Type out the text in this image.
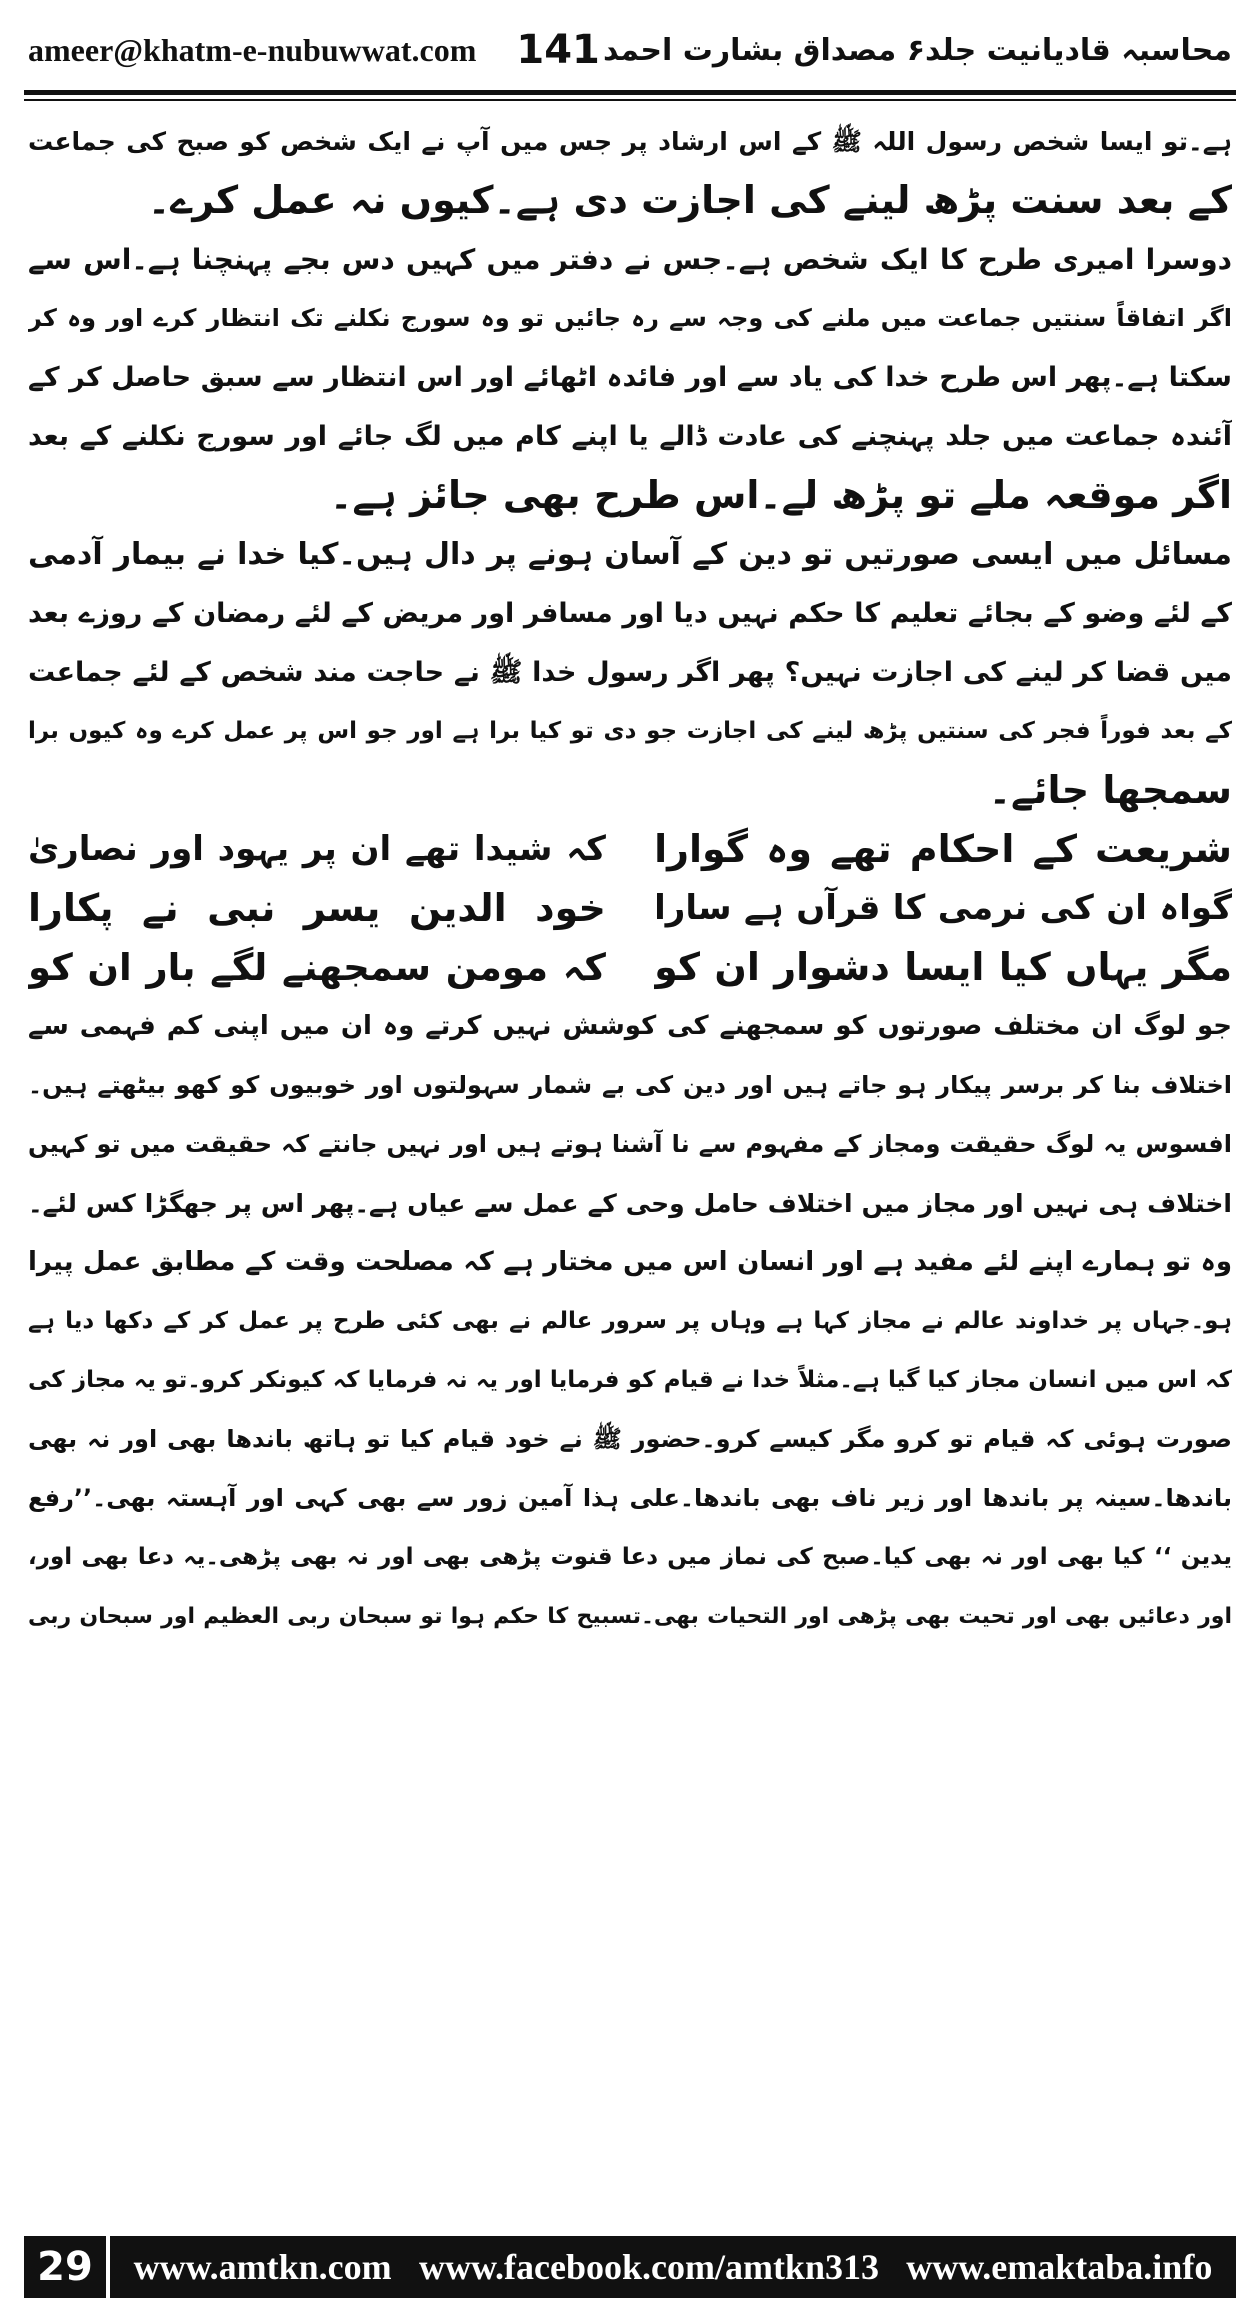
ameer@khatm-e-nubuwwat.com 141 محاسبہ قادیانیت جلد۶ مصداق بشارت احمد
ہے۔تو ایسا شخص رسول اللہ ﷺ کے اس ارشاد پر جس میں آپ نے ایک شخص کو صبح کی جماعت
کے بعد سنت پڑھ لینے کی اجازت دی ہے۔کیوں نہ عمل کرے۔
دوسرا امیری طرح کا ایک شخص ہے۔جس نے دفتر میں کہیں دس بجے پہنچنا ہے۔اس سے
اگر اتفاقاً سنتیں جماعت میں ملنے کی وجہ سے رہ جائیں تو وہ سورج نکلنے تک انتظار کرے اور وہ کر
سکتا ہے۔پھر اس طرح خدا کی یاد سے اور فائدہ اٹھائے اور اس انتظار سے سبق حاصل کر کے
آئندہ جماعت میں جلد پہنچنے کی عادت ڈالے یا اپنے کام میں لگ جائے اور سورج نکلنے کے بعد
اگر موقعہ ملے تو پڑھ لے۔اس طرح بھی جائز ہے۔
مسائل میں ایسی صورتیں تو دین کے آسان ہونے پر دال ہیں۔کیا خدا نے بیمار آدمی
کے لئے وضو کے بجائے تعلیم کا حکم نہیں دیا اور مسافر اور مریض کے لئے رمضان کے روزے بعد
میں قضا کر لینے کی اجازت نہیں؟ پھر اگر رسول خدا ﷺ نے حاجت مند شخص کے لئے جماعت
کے بعد فوراً فجر کی سنتیں پڑھ لینے کی اجازت جو دی تو کیا برا ہے اور جو اس پر عمل کرے وہ کیوں برا
سمجھا جائے۔
شریعت کے احکام تھے وہ گوارا
کہ شیدا تھے ان پر یہود اور نصاریٰ
گواہ ان کی نرمی کا قرآں ہے سارا
خود الدین یسر نبی نے پکارا
مگر یہاں کیا ایسا دشوار ان کو
کہ مومن سمجھنے لگے بار ان کو
جو لوگ ان مختلف صورتوں کو سمجھنے کی کوشش نہیں کرتے وہ ان میں اپنی کم فہمی سے
اختلاف بنا کر برسر پیکار ہو جاتے ہیں اور دین کی بے شمار سہولتوں اور خوبیوں کو کھو بیٹھتے ہیں۔
افسوس یہ لوگ حقیقت ومجاز کے مفہوم سے نا آشنا ہوتے ہیں اور نہیں جانتے کہ حقیقت میں تو کہیں
اختلاف ہی نہیں اور مجاز میں اختلاف حامل وحی کے عمل سے عیاں ہے۔پھر اس پر جھگڑا کس لئے۔
وہ تو ہمارے اپنے لئے مفید ہے اور انسان اس میں مختار ہے کہ مصلحت وقت کے مطابق عمل پیرا
ہو۔جہاں پر خداوند عالم نے مجاز کہا ہے وہاں پر سرور عالم نے بھی کئی طرح پر عمل کر کے دکھا دیا ہے
کہ اس میں انسان مجاز کیا گیا ہے۔مثلاً خدا نے قیام کو فرمایا اور یہ نہ فرمایا کہ کیونکر کرو۔تو یہ مجاز کی
صورت ہوئی کہ قیام تو کرو مگر کیسے کرو۔حضور ﷺ نے خود قیام کیا تو ہاتھ باندھا بھی اور نہ بھی
باندھا۔سینہ پر باندھا اور زیر ناف بھی باندھا۔علی ہذا آمین زور سے بھی کہی اور آہستہ بھی۔’’رفع
یدین ‘‘ کیا بھی اور نہ بھی کیا۔صبح کی نماز میں دعا قنوت پڑھی بھی اور نہ بھی پڑھی۔یہ دعا بھی اور،
اور دعائیں بھی اور تحیت بھی پڑھی اور التحیات بھی۔تسبیح کا حکم ہوا تو سبحان ربی العظیم اور سبحان ربی
29	www.amtkn.com www.facebook.com/amtkn313 www.emaktaba.info
